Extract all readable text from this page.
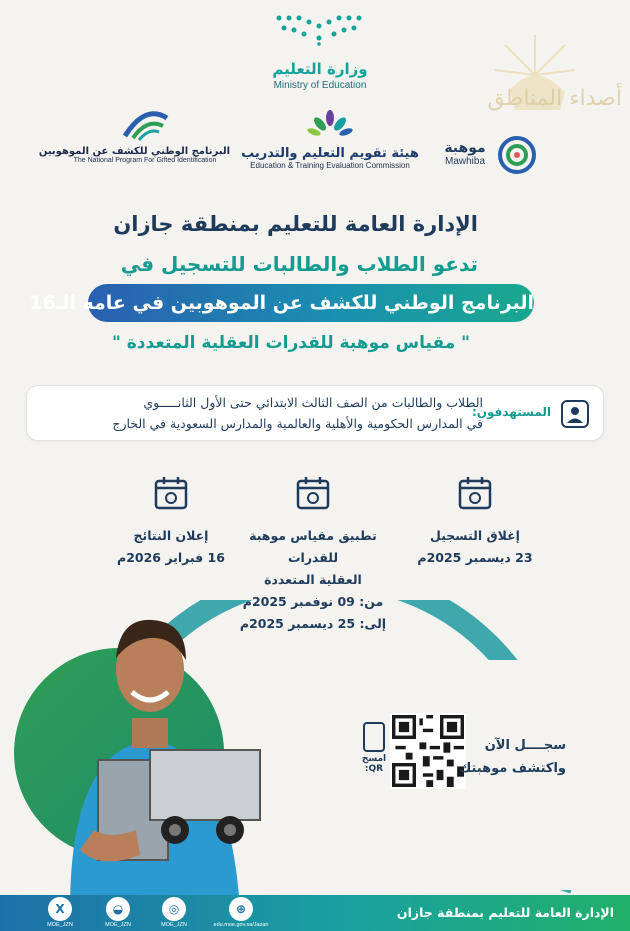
وزارة التعليم
Ministry of Education
أصداء المناطق
البرنامج الوطني للكشف عن الموهوبين
The National Program For Gifted Identification	هيئة تقويم التعليم والتدريب
Education & Training Evaluation Commission
موهبة
Mawhiba
الإدارة العامة للتعليم بمنطقة جازان
تدعو الطلاب والطالبات للتسجيل في
البرنامج الوطني للكشف عن الموهوبين في عامه الـ16
" مقياس موهبة للقدرات العقلية المتعددة "
المستهدفون:
الطلاب والطالبات من الصف الثالث الابتدائي حتى الأول الثانـــــوي
في المدارس الحكومية والأهلية والعالمية والمدارس السعودية في الخارج
إغلاق التسجيل
23 ديسمبر 2025م
تطبيق مقياس موهبة للقدرات
العقلية المتعددة
من: 09 نوفمبر 2025م
إلى: 25 ديسمبر 2025م
إعلان النتائج
16 فبراير 2026م
امسح QR:
سجــــل الآن
واكتشف موهبتك
X
MOE_JZN
◒
MOE_JZN
◎
MOE_JZN
⊕
edu.moe.gov.sa/Jazan
الإدارة العامة للتعليم بمنطقة جازان
